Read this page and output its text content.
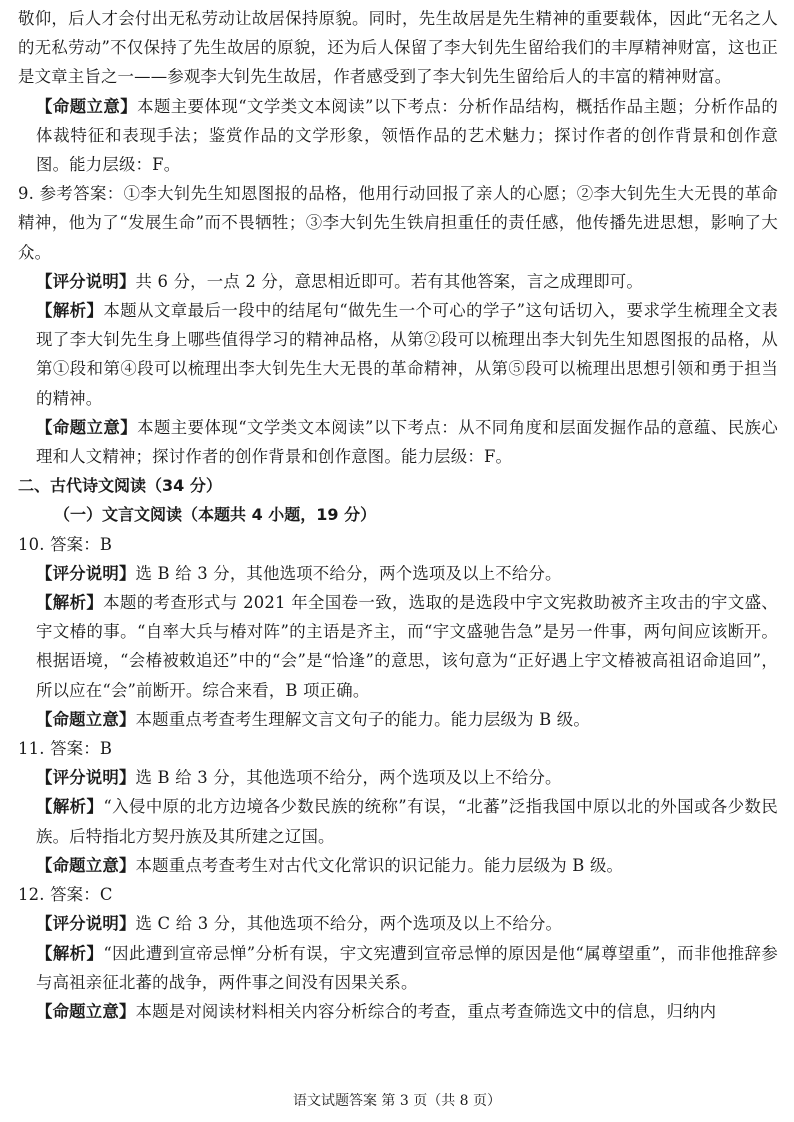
敬仰，后人才会付出无私劳动让故居保持原貌。同时，先生故居是先生精神的重要载体，因此“无名之人的无私劳动”不仅保持了先生故居的原貌，还为后人保留了李大钊先生留给我们的丰厚精神财富，这也正是文章主旨之一——参观李大钊先生故居，作者感受到了李大钊先生留给后人的丰富的精神财富。

【命题立意】本题主要体现“文学类文本阅读”以下考点：分析作品结构，概括作品主题；分析作品的体裁特征和表现手法；鉴赏作品的文学形象，领悟作品的艺术魅力；探讨作者的创作背景和创作意图。能力层级：F。

9. 参考答案：①李大钊先生知恩图报的品格，他用行动回报了亲人的心愿；②李大钊先生大无畏的革命精神，他为了“发展生命”而不畏牺牲；③李大钊先生铁肩担重任的责任感，他传播先进思想，影响了大众。

【评分说明】共 6 分，一点 2 分，意思相近即可。若有其他答案，言之成理即可。

【解析】本题从文章最后一段中的结尾句“做先生一个可心的学子”这句话切入，要求学生梳理全文表现了李大钊先生身上哪些值得学习的精神品格，从第②段可以梳理出李大钊先生知恩图报的品格，从第①段和第④段可以梳理出李大钊先生大无畏的革命精神，从第⑤段可以梳理出思想引领和勇于担当的精神。

【命题立意】本题主要体现“文学类文本阅读”以下考点：从不同角度和层面发掘作品的意蕴、民族心理和人文精神；探讨作者的创作背景和创作意图。能力层级：F。

二、古代诗文阅读（34 分）

（一）文言文阅读（本题共 4 小题，19 分）

10. 答案：B

【评分说明】选 B 给 3 分，其他选项不给分，两个选项及以上不给分。

【解析】本题的考查形式与 2021 年全国卷一致，选取的是选段中宇文宪救助被齐主攻击的宇文盛、宇文椿的事。“自率大兵与椿对阵”的主语是齐主，而“宇文盛驰告急”是另一件事，两句间应该断开。根据语境，“会椿被敕追还”中的“会”是“恰逢”的意思，该句意为“正好遇上宇文椿被高祖诏命追回”，所以应在“会”前断开。综合来看，B 项正确。

【命题立意】本题重点考查考生理解文言文句子的能力。能力层级为 B 级。

11. 答案：B

【评分说明】选 B 给 3 分，其他选项不给分，两个选项及以上不给分。

【解析】“入侵中原的北方边境各少数民族的统称”有误，“北蕃”泛指我国中原以北的外国或各少数民族。后特指北方契丹族及其所建之辽国。

【命题立意】本题重点考查考生对古代文化常识的识记能力。能力层级为 B 级。

12. 答案：C

【评分说明】选 C 给 3 分，其他选项不给分，两个选项及以上不给分。

【解析】“因此遭到宣帝忌惮”分析有误，宇文宪遭到宣帝忌惮的原因是他“属尊望重”，而非他推辞参与高祖亲征北蕃的战争，两件事之间没有因果关系。

【命题立意】本题是对阅读材料相关内容分析综合的考查，重点考查筛选文中的信息，归纳内

语文试题答案 第 3 页（共 8 页）
